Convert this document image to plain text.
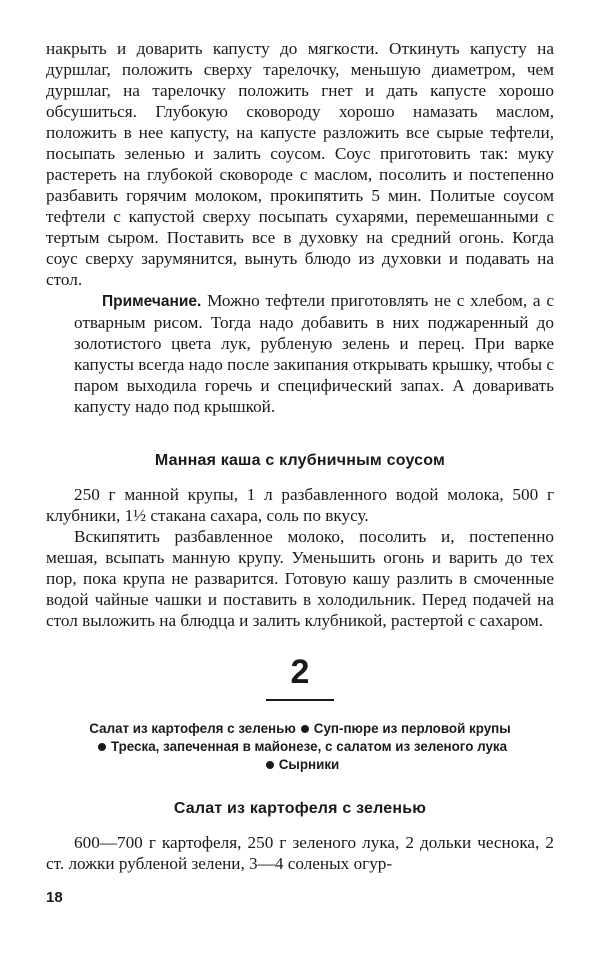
накрыть и доварить капусту до мягкости. Откинуть капусту на дуршлаг, положить сверху тарелочку, меньшую диаметром, чем дуршлаг, на тарелочку положить гнет и дать капусте хорошо обсушиться. Глубокую сковороду хорошо намазать маслом, положить в нее капусту, на капусте разложить все сырые тефтели, посыпать зеленью и залить соусом. Соус приготовить так: муку растереть на глубокой сковороде с маслом, посолить и постепенно разбавить горячим молоком, прокипятить 5 мин. Политые соусом тефтели с капустой сверху посыпать сухарями, перемешанными с тертым сыром. Поставить все в духовку на средний огонь. Когда соус сверху зарумянится, вынуть блюдо из духовки и подавать на стол.

Примечание. Можно тефтели приготовлять не с хлебом, а с отварным рисом. Тогда надо добавить в них поджаренный до золотистого цвета лук, рубленую зелень и перец. При варке капусты всегда надо после закипания открывать крышку, чтобы с паром выходила горечь и специфический запах. А доваривать капусту надо под крышкой.

Манная каша с клубничным соусом

250 г манной крупы, 1 л разбавленного водой молока, 500 г клубники, 1½ стакана сахара, соль по вкусу.

Вскипятить разбавленное молоко, посолить и, постепенно мешая, всыпать манную крупу. Уменьшить огонь и варить до тех пор, пока крупа не разварится. Готовую кашу разлить в смоченные водой чайные чашки и поставить в холодильник. Перед подачей на стол выложить на блюдца и залить клубникой, растертой с сахаром.

2

Салат из картофеля с зеленью Суп-пюре из перловой крупы

Треска, запеченная в майонезе, с салатом из зеленого лука

Сырники

Салат из картофеля с зеленью

600—700 г картофеля, 250 г зеленого лука, 2 дольки чеснока, 2 ст. ложки рубленой зелени, 3—4 соленых огур-

18
